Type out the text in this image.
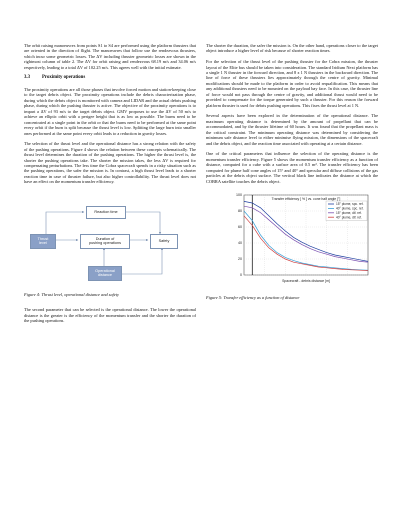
The orbit raising manoeuvres from points S1 to S4 are performed using the platform thrusters that are oriented in the direction of flight. The manoeuvres that follow use the rendezvous thrusters, which incur some geometric losses. The ΔV including thruster geometric losses are shown in the rightmost column of table 2. The ΔV for orbit raising and rendezvous 68.19 m/s and 34.06 m/s respectively, leading to a total ΔV of 102.25 m/s. This agrees well with the initial estimate.

3.3	Proximity operations

The proximity operations are all those phases that involve forced motion and station-keeping close to the target debris object. The proximity operations include the debris characterization phase, during which the debris object is monitored with camera and LIDAR and the actual debris pushing phase, during which the pushing thruster is active. The objective of the proximity operations is to impart a ΔV of 93 m/s to the target debris object. GMV proposes to use the ΔV of 50 m/s to achieve an elliptic orbit with a perigee height that is as low as possible. The burns need to be concentrated at a single point in the orbit or that the burns need to be performed at the same point every orbit if the burn is split because the thrust level is low. Splitting the large burn into smaller ones performed at the same point every orbit leads to a reduction in gravity losses.

The selection of the thrust level and the operational distance has a strong relation with the safety of the pushing operations. Figure 4 shows the relation between these concepts schematically. The thrust level determines the duration of the pushing operations. The higher the thrust level is, the shorter the pushing operations take. The shorter the mission takes, the less ΔV is required for compensating perturbations. The less time the Cobra spacecraft spends in a risky situation such as the pushing operations, the safer the mission is. In contrast, a high thrust level leads to a shorter reaction time in case of thruster failure, but also higher controllability. The thrust level does not have an effect on the momentum transfer efficiency.

Reaction time
Thrust
level
Duration of
pushing operations
Safety
Operational
distance
Figure 4: Thrust level, operational distance and safety

The second parameter that can be selected is the operational distance. The lower the operational distance is the greater is the efficiency of the momentum transfer and the shorter the duration of the pushing operations.

The shorter the duration, the safer the mission is. On the other hand, operations closer to the target object introduce a higher level of risk because of shorter reaction times.

For the selection of the thrust level of the pushing thruster for the Cobra mission, the thruster layout of the Elite bus should be taken into consideration. The standard Iridium Next platform has a single 1 N thruster in the forward direction, and 8 x 1 N thrusters in the backward direction. The line of force of these thrusters lies approximately through the centre of gravity. Minimal modifications should be made to the platform in order to avoid requalification. This means that any additional thrusters need to be mounted on the payload bay face. In this case, the thruster line of force would not pass through the centre of gravity, and additional thrust would need to be provided to compensate for the torque generated by such a thruster. For this reason the forward platform thruster is used for debris pushing operations. This fixes the thrust level at 1 N.

Several aspects have been explored in the determination of the operational distance. The maximum operating distance is determined by the amount of propellant that can be accommodated, and by the thruster lifetime of 60 hours. It was found that the propellant mass is the critical constraint. The minimum operating distance was determined by considering the minimum safe distance level to either minimise flying mission, the dimensions of the spacecraft and the debris object, and the reaction time associated with operating at a certain distance.

One of the critical parameters that influence the selection of the operating distance is the momentum transfer efficiency. Figure 5 shows the momentum transfer efficiency as a function of distance, computed for a cube with a surface area of 0.5 m². The transfer efficiency has been computed for plume half cone angles of 15° and 40° and specular and diffuse collisions of the gas particles at the debris object surface. The vertical black line indicates the distance at which the COBRA satellite touches the debris object.

100
80
60
40
20
0
Transfer efficiency [ % ] vs. cone half angle [°]
Spacecraft - debris distance [m]
15° plume, spc. ref.
40° plume, spc. ref.
15° plume, dif. ref.
40° plume, dif. ref.
Figure 5: Transfer efficiency as a function of distance
